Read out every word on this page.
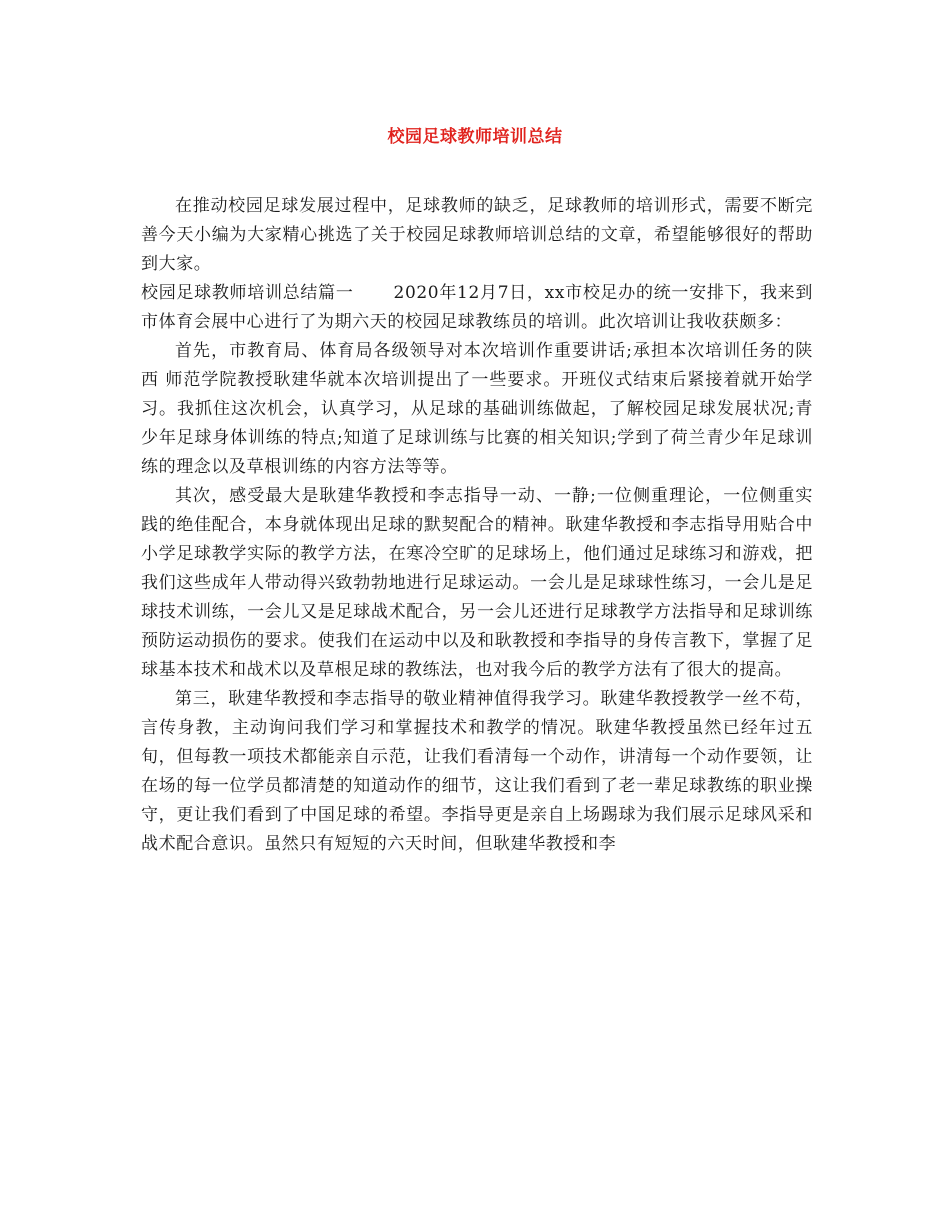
校园足球教师培训总结

在推动校园足球发展过程中，足球教师的缺乏，足球教师的培训形式，需要不断完善今天小编为大家精心挑选了关于校园足球教师培训总结的文章，希望能够很好的帮助到大家。

校园足球教师培训总结篇一 2020年12月7日，xx市校足办的统一安排下，我来到市体育会展中心进行了为期六天的校园足球教练员的培训。此次培训让我收获颇多：

首先，市教育局、体育局各级领导对本次培训作重要讲话;承担本次培训任务的陕西 师范学院教授耿建华就本次培训提出了一些要求。开班仪式结束后紧接着就开始学习。我抓住这次机会，认真学习，从足球的基础训练做起，了解校园足球发展状况;青少年足球身体训练的特点;知道了足球训练与比赛的相关知识;学到了荷兰青少年足球训练的理念以及草根训练的内容方法等等。

其次，感受最大是耿建华教授和李志指导一动、一静;一位侧重理论，一位侧重实践的绝佳配合，本身就体现出足球的默契配合的精神。耿建华教授和李志指导用贴合中小学足球教学实际的教学方法，在寒冷空旷的足球场上，他们通过足球练习和游戏，把我们这些成年人带动得兴致勃勃地进行足球运动。一会儿是足球球性练习，一会儿是足球技术训练，一会儿又是足球战术配合，另一会儿还进行足球教学方法指导和足球训练预防运动损伤的要求。使我们在运动中以及和耿教授和李指导的身传言教下，掌握了足球基本技术和战术以及草根足球的教练法，也对我今后的教学方法有了很大的提高。

第三，耿建华教授和李志指导的敬业精神值得我学习。耿建华教授教学一丝不苟，言传身教，主动询问我们学习和掌握技术和教学的情况。耿建华教授虽然已经年过五旬，但每教一项技术都能亲自示范，让我们看清每一个动作，讲清每一个动作要领，让在场的每一位学员都清楚的知道动作的细节，这让我们看到了老一辈足球教练的职业操守，更让我们看到了中国足球的希望。李指导更是亲自上场踢球为我们展示足球风采和战术配合意识。虽然只有短短的六天时间，但耿建华教授和李
